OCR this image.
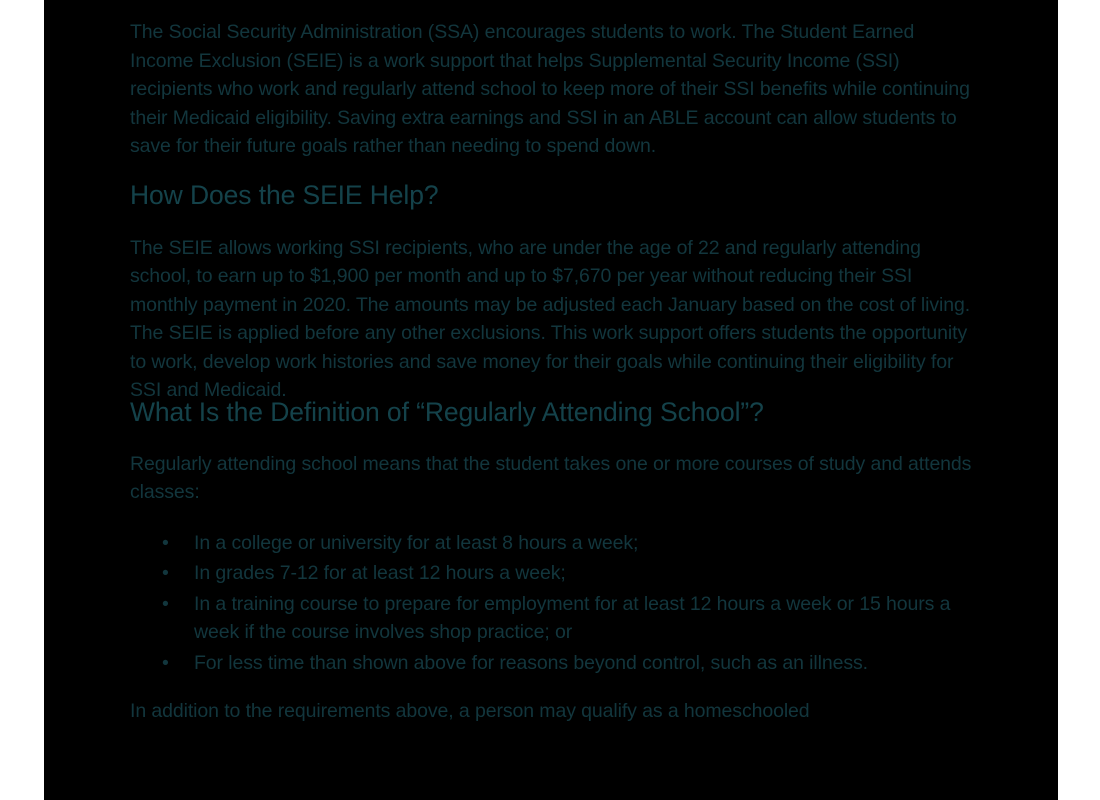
The Social Security Administration (SSA) encourages students to work. The Student Earned Income Exclusion (SEIE) is a work support that helps Supplemental Security Income (SSI) recipients who work and regularly attend school to keep more of their SSI benefits while continuing their Medicaid eligibility. Saving extra earnings and SSI in an ABLE account can allow students to save for their future goals rather than needing to spend down.

How Does the SEIE Help?

The SEIE allows working SSI recipients, who are under the age of 22 and regularly attending school, to earn up to $1,900 per month and up to $7,670 per year without reducing their SSI monthly payment in 2020. The amounts may be adjusted each January based on the cost of living. The SEIE is applied before any other exclusions. This work support offers students the opportunity to work, develop work histories and save money for their goals while continuing their eligibility for SSI and Medicaid.

What Is the Definition of “Regularly Attending School”?

Regularly attending school means that the student takes one or more courses of study and attends classes:

• In a college or university for at least 8 hours a week;
• In grades 7-12 for at least 12 hours a week;
• In a training course to prepare for employment for at least 12 hours a week or 15 hours a week if the course involves shop practice; or
• For less time than shown above for reasons beyond control, such as an illness.

In addition to the requirements above, a person may qualify as a homeschooled
